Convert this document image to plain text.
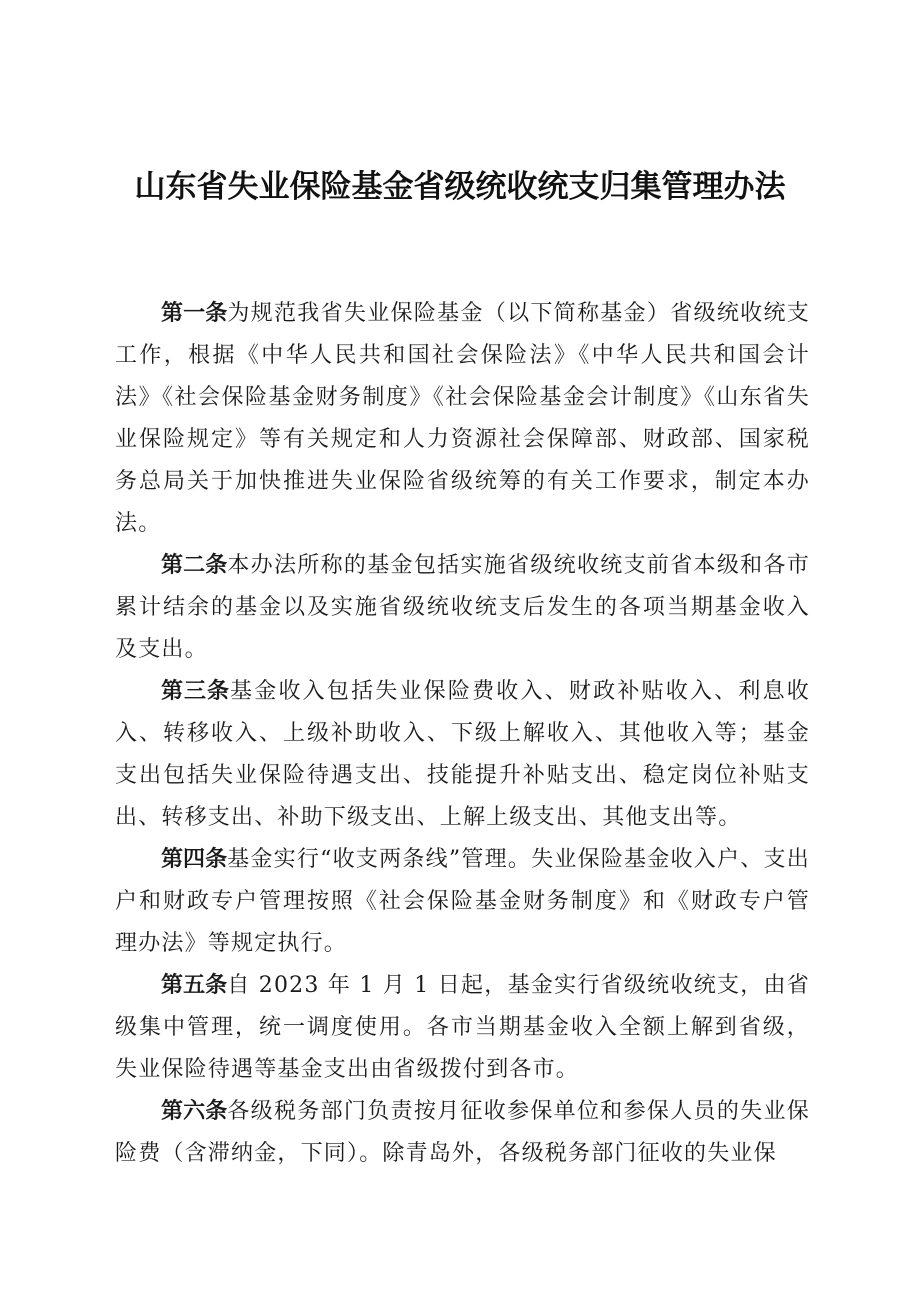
山东省失业保险基金省级统收统支归集管理办法

第一条为规范我省失业保险基金（以下简称基金）省级统收统支工作，根据《中华人民共和国社会保险法》《中华人民共和国会计法》《社会保险基金财务制度》《社会保险基金会计制度》《山东省失业保险规定》等有关规定和人力资源社会保障部、财政部、国家税务总局关于加快推进失业保险省级统筹的有关工作要求，制定本办法。

第二条本办法所称的基金包括实施省级统收统支前省本级和各市累计结余的基金以及实施省级统收统支后发生的各项当期基金收入及支出。

第三条基金收入包括失业保险费收入、财政补贴收入、利息收入、转移收入、上级补助收入、下级上解收入、其他收入等；基金支出包括失业保险待遇支出、技能提升补贴支出、稳定岗位补贴支出、转移支出、补助下级支出、上解上级支出、其他支出等。

第四条基金实行“收支两条线”管理。失业保险基金收入户、支出户和财政专户管理按照《社会保险基金财务制度》和《财政专户管理办法》等规定执行。

第五条自 2023 年 1 月 1 日起，基金实行省级统收统支，由省级集中管理，统一调度使用。各市当期基金收入全额上解到省级，失业保险待遇等基金支出由省级拨付到各市。

第六条各级税务部门负责按月征收参保单位和参保人员的失业保险费（含滞纳金，下同）。除青岛外，各级税务部门征收的失业保
